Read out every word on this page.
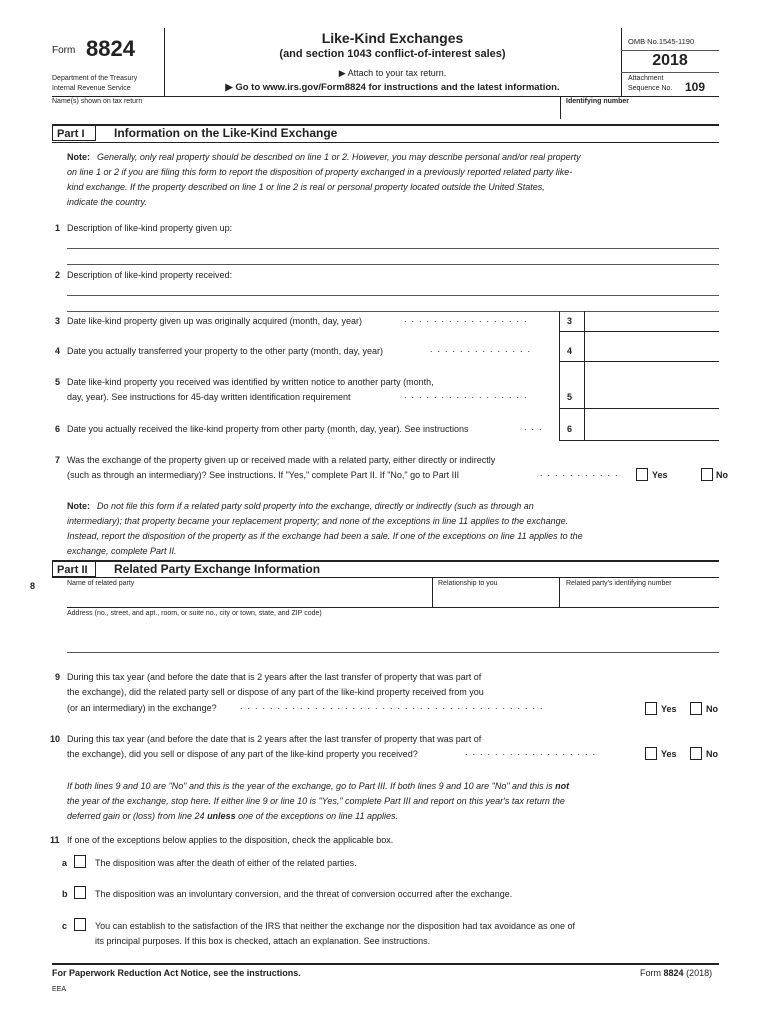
Form 8824
Department of the Treasury
Internal Revenue Service
Like-Kind Exchanges
(and section 1043 conflict-of-interest sales)
▶ Attach to your tax return.
▶ Go to www.irs.gov/Form8824 for instructions and the latest information.
OMB No.1545-1190
2018
Attachment
Sequence No. 109
Name(s) shown on tax return	Identifying number
Part I	Information on the Like-Kind Exchange
Note: Generally, only real property should be described on line 1 or 2. However, you may describe personal and/or real property
on line 1 or 2 if you are filing this form to report the disposition of property exchanged in a previously reported related party like-
kind exchange. If the property described on line 1 or line 2 is real or personal property located outside the United States,
indicate the country.
1 Description of like-kind property given up:
2 Description of like-kind property received:
3 Date like-kind property given up was originally acquired (month, day, year)	.................	3
4 Date you actually transferred your property to the other party (month, day, year)	..............	4
5 Date like-kind property you received was identified by written notice to another party (month,
day, year). See instructions for 45-day written identification requirement	.................	5
6 Date you actually received the like-kind property from other party (month, day, year). See instructions	... 6
7 Was the exchange of the property given up or received made with a related party, either directly or indirectly
(such as through an intermediary)? See instructions. If "Yes," complete Part II. If "No," go to Part III	...........	Yes	No
Note: Do not file this form if a related party sold property into the exchange, directly or indirectly (such as through an
intermediary); that property became your replacement property; and none of the exceptions in line 11 applies to the exchange.
Instead, report the disposition of the property as if the exchange had been a sale. If one of the exceptions on line 11 applies to the
exchange, complete Part II.
Part II	Related Party Exchange Information
8	Name of related party	Relationship to you	Related party's identifying number
Address (no., street, and apt., room, or suite no., city or town, state, and ZIP code)
9 During this tax year (and before the date that is 2 years after the last transfer of property that was part of
the exchange), did the related party sell or dispose of any part of the like-kind property received from you
(or an intermediary) in the exchange?	.........................................	Yes	No
10 During this tax year (and before the date that is 2 years after the last transfer of property that was part of
the exchange), did you sell or dispose of any part of the like-kind property you received?	..................	Yes	No
If both lines 9 and 10 are "No" and this is the year of the exchange, go to Part III. If both lines 9 and 10 are "No" and this is not
the year of the exchange, stop here. If either line 9 or line 10 is "Yes," complete Part III and report on this year's tax return the
deferred gain or (loss) from line 24 unless one of the exceptions on line 11 applies.
11 If one of the exceptions below applies to the disposition, check the applicable box.
a	The disposition was after the death of either of the related parties.
b	The disposition was an involuntary conversion, and the threat of conversion occurred after the exchange.
c	You can establish to the satisfaction of the IRS that neither the exchange nor the disposition had tax avoidance as one of
its principal purposes. If this box is checked, attach an explanation. See instructions.
For Paperwork Reduction Act Notice, see the instructions.	Form 8824 (2018)
EEA
